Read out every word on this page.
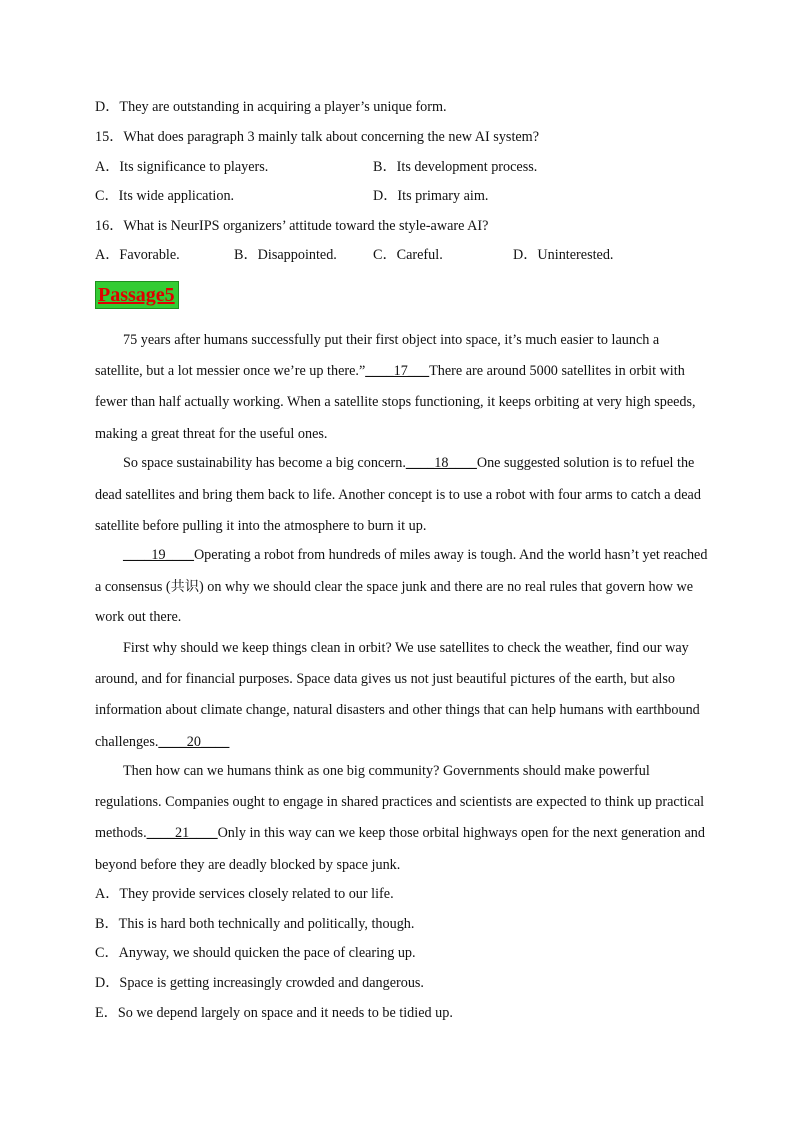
D．They are outstanding in acquiring a player’s unique form.
15．What does paragraph 3 mainly talk about concerning the new AI system?
A．Its significance to players.	B．Its development process.
C．Its wide application.	D．Its primary aim.
16．What is NeurIPS organizers’ attitude toward the style-aware AI?
A．Favorable.	B．Disappointed.	C．Careful.	D．Uninterested.
Passage5
75 years after humans successfully put their first object into space, it’s much easier to launch a
satellite, but a lot messier once we’re up there.”____17___There are around 5000 satellites in orbit with
fewer than half actually working. When a satellite stops functioning, it keeps orbiting at very high speeds,
making a great threat for the useful ones.
So space sustainability has become a big concern.____18____One suggested solution is to refuel the
dead satellites and bring them back to life. Another concept is to use a robot with four arms to catch a dead
satellite before pulling it into the atmosphere to burn it up.
____19____Operating a robot from hundreds of miles away is tough. And the world hasn’t yet reached
a consensus (共识) on why we should clear the space junk and there are no real rules that govern how we
work out there.
First why should we keep things clean in orbit? We use satellites to check the weather, find our way
around, and for financial purposes. Space data gives us not just beautiful pictures of the earth, but also
information about climate change, natural disasters and other things that can help humans with earthbound
challenges.____20____
Then how can we humans think as one big community? Governments should make powerful
regulations. Companies ought to engage in shared practices and scientists are expected to think up practical
methods.____21____Only in this way can we keep those orbital highways open for the next generation and
beyond before they are deadly blocked by space junk.
A．They provide services closely related to our life.
B．This is hard both technically and politically, though.
C．Anyway, we should quicken the pace of clearing up.
D．Space is getting increasingly crowded and dangerous.
E．So we depend largely on space and it needs to be tidied up.
